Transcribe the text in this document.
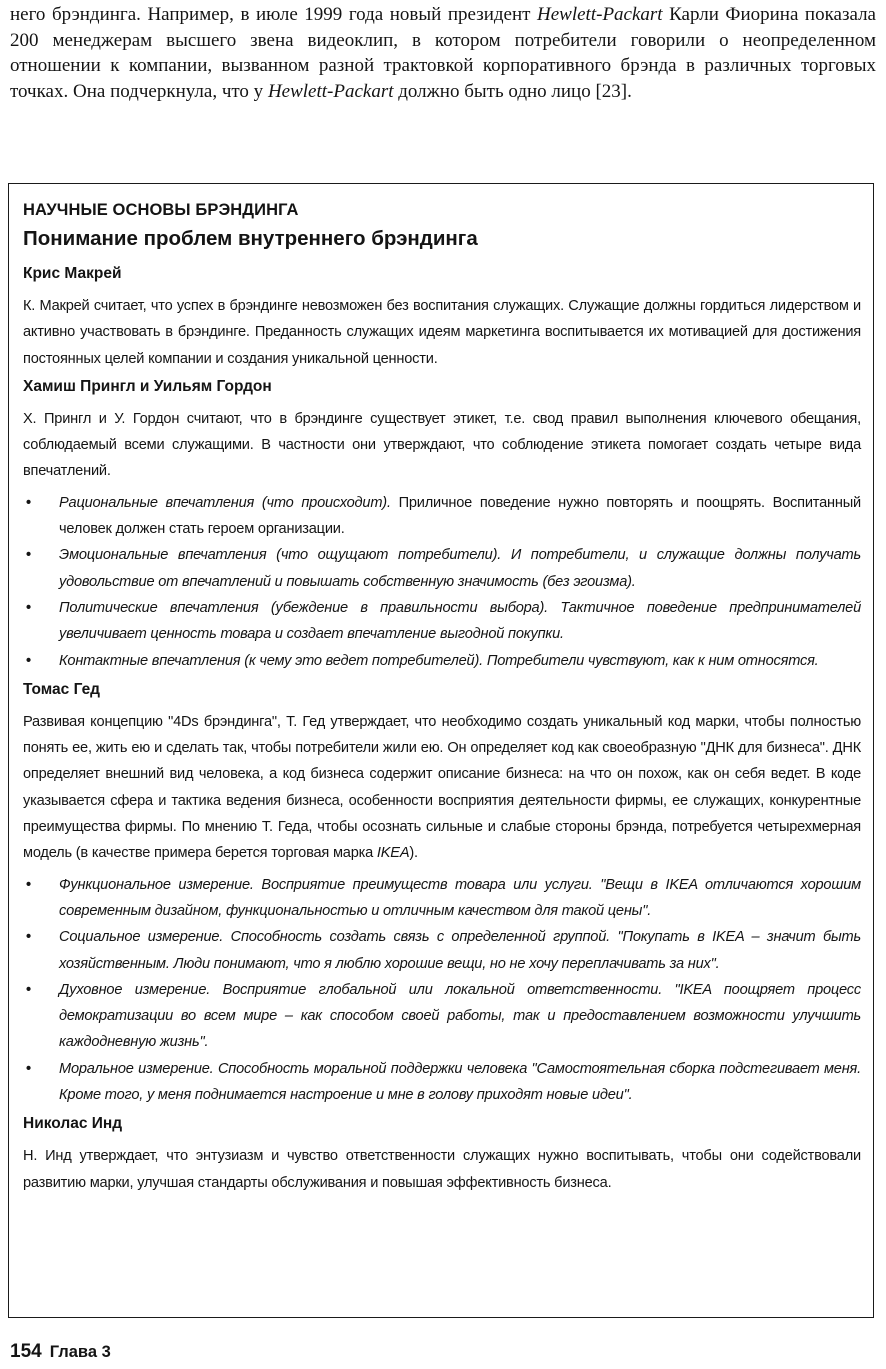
него брэндинга. Например, в июле 1999 года новый президент Hewlett-Packart Карли Фиорина показала 200 менеджерам высшего звена видеоклип, в котором потребители говорили о неопределенном отношении к компании, вызванном разной трактовкой корпоративного брэнда в различных торговых точках. Она подчеркнула, что у Hewlett-Packart должно быть одно лицо [23].

НАУЧНЫЕ ОСНОВЫ БРЭНДИНГА
Понимание проблем внутреннего брэндинга
Крис Макрей

К. Макрей считает, что успех в брэндинге невозможен без воспитания служащих. Служащие должны гордиться лидерством и активно участвовать в брэндинге. Преданность служащих идеям маркетинга воспитывается их мотивацией для достижения постоянных целей компании и создания уникальной ценности.

Хамиш Прингл и Уильям Гордон

Х. Прингл и У. Гордон считают, что в брэндинге существует этикет, т.е. свод правил выполнения ключевого обещания, соблюдаемый всеми служащими. В частности они утверждают, что соблюдение этикета помогает создать четыре вида впечатлений.

• Рациональные впечатления (что происходит). Приличное поведение нужно повторять и поощрять. Воспитанный человек должен стать героем организации.
• Эмоциональные впечатления (что ощущают потребители). И потребители, и служащие должны получать удовольствие от впечатлений и повышать собственную значимость (без эгоизма).
• Политические впечатления (убеждение в правильности выбора). Тактичное поведение предпринимателей увеличивает ценность товара и создает впечатление выгодной покупки.
• Контактные впечатления (к чему это ведет потребителей). Потребители чувствуют, как к ним относятся.
Томас Гед

Развивая концепцию "4Ds брэндинга", Т. Гед утверждает, что необходимо создать уникальный код марки, чтобы полностью понять ее, жить ею и сделать так, чтобы потребители жили ею. Он определяет код как своеобразную "ДНК для бизнеса". ДНК определяет внешний вид человека, а код бизнеса содержит описание бизнеса: на что он похож, как он себя ведет. В коде указывается сфера и тактика ведения бизнеса, особенности восприятия деятельности фирмы, ее служащих, конкурентные преимущества фирмы. По мнению Т. Геда, чтобы осознать сильные и слабые стороны брэнда, потребуется четырехмерная модель (в качестве примера берется торговая марка IKEA).

• Функциональное измерение. Восприятие преимуществ товара или услуги. "Вещи в IKEA отличаются хорошим современным дизайном, функциональностью и отличным качеством для такой цены".
• Социальное измерение. Способность создать связь с определенной группой. "Покупать в IKEA – значит быть хозяйственным. Люди понимают, что я люблю хорошие вещи, но не хочу переплачивать за них".
• Духовное измерение. Восприятие глобальной или локальной ответственности. "IKEA поощряет процесс демократизации во всем мире – как способом своей работы, так и предоставлением возможности улучшить каждодневную жизнь".
• Моральное измерение. Способность моральной поддержки человека "Самостоятельная сборка подстегивает меня. Кроме того, у меня поднимается настроение и мне в голову приходят новые идеи".
Николас Инд

Н. Инд утверждает, что энтузиазм и чувство ответственности служащих нужно воспитывать, чтобы они содействовали развитию марки, улучшая стандарты обслуживания и повышая эффективность бизнеса.

154 Глава 3
